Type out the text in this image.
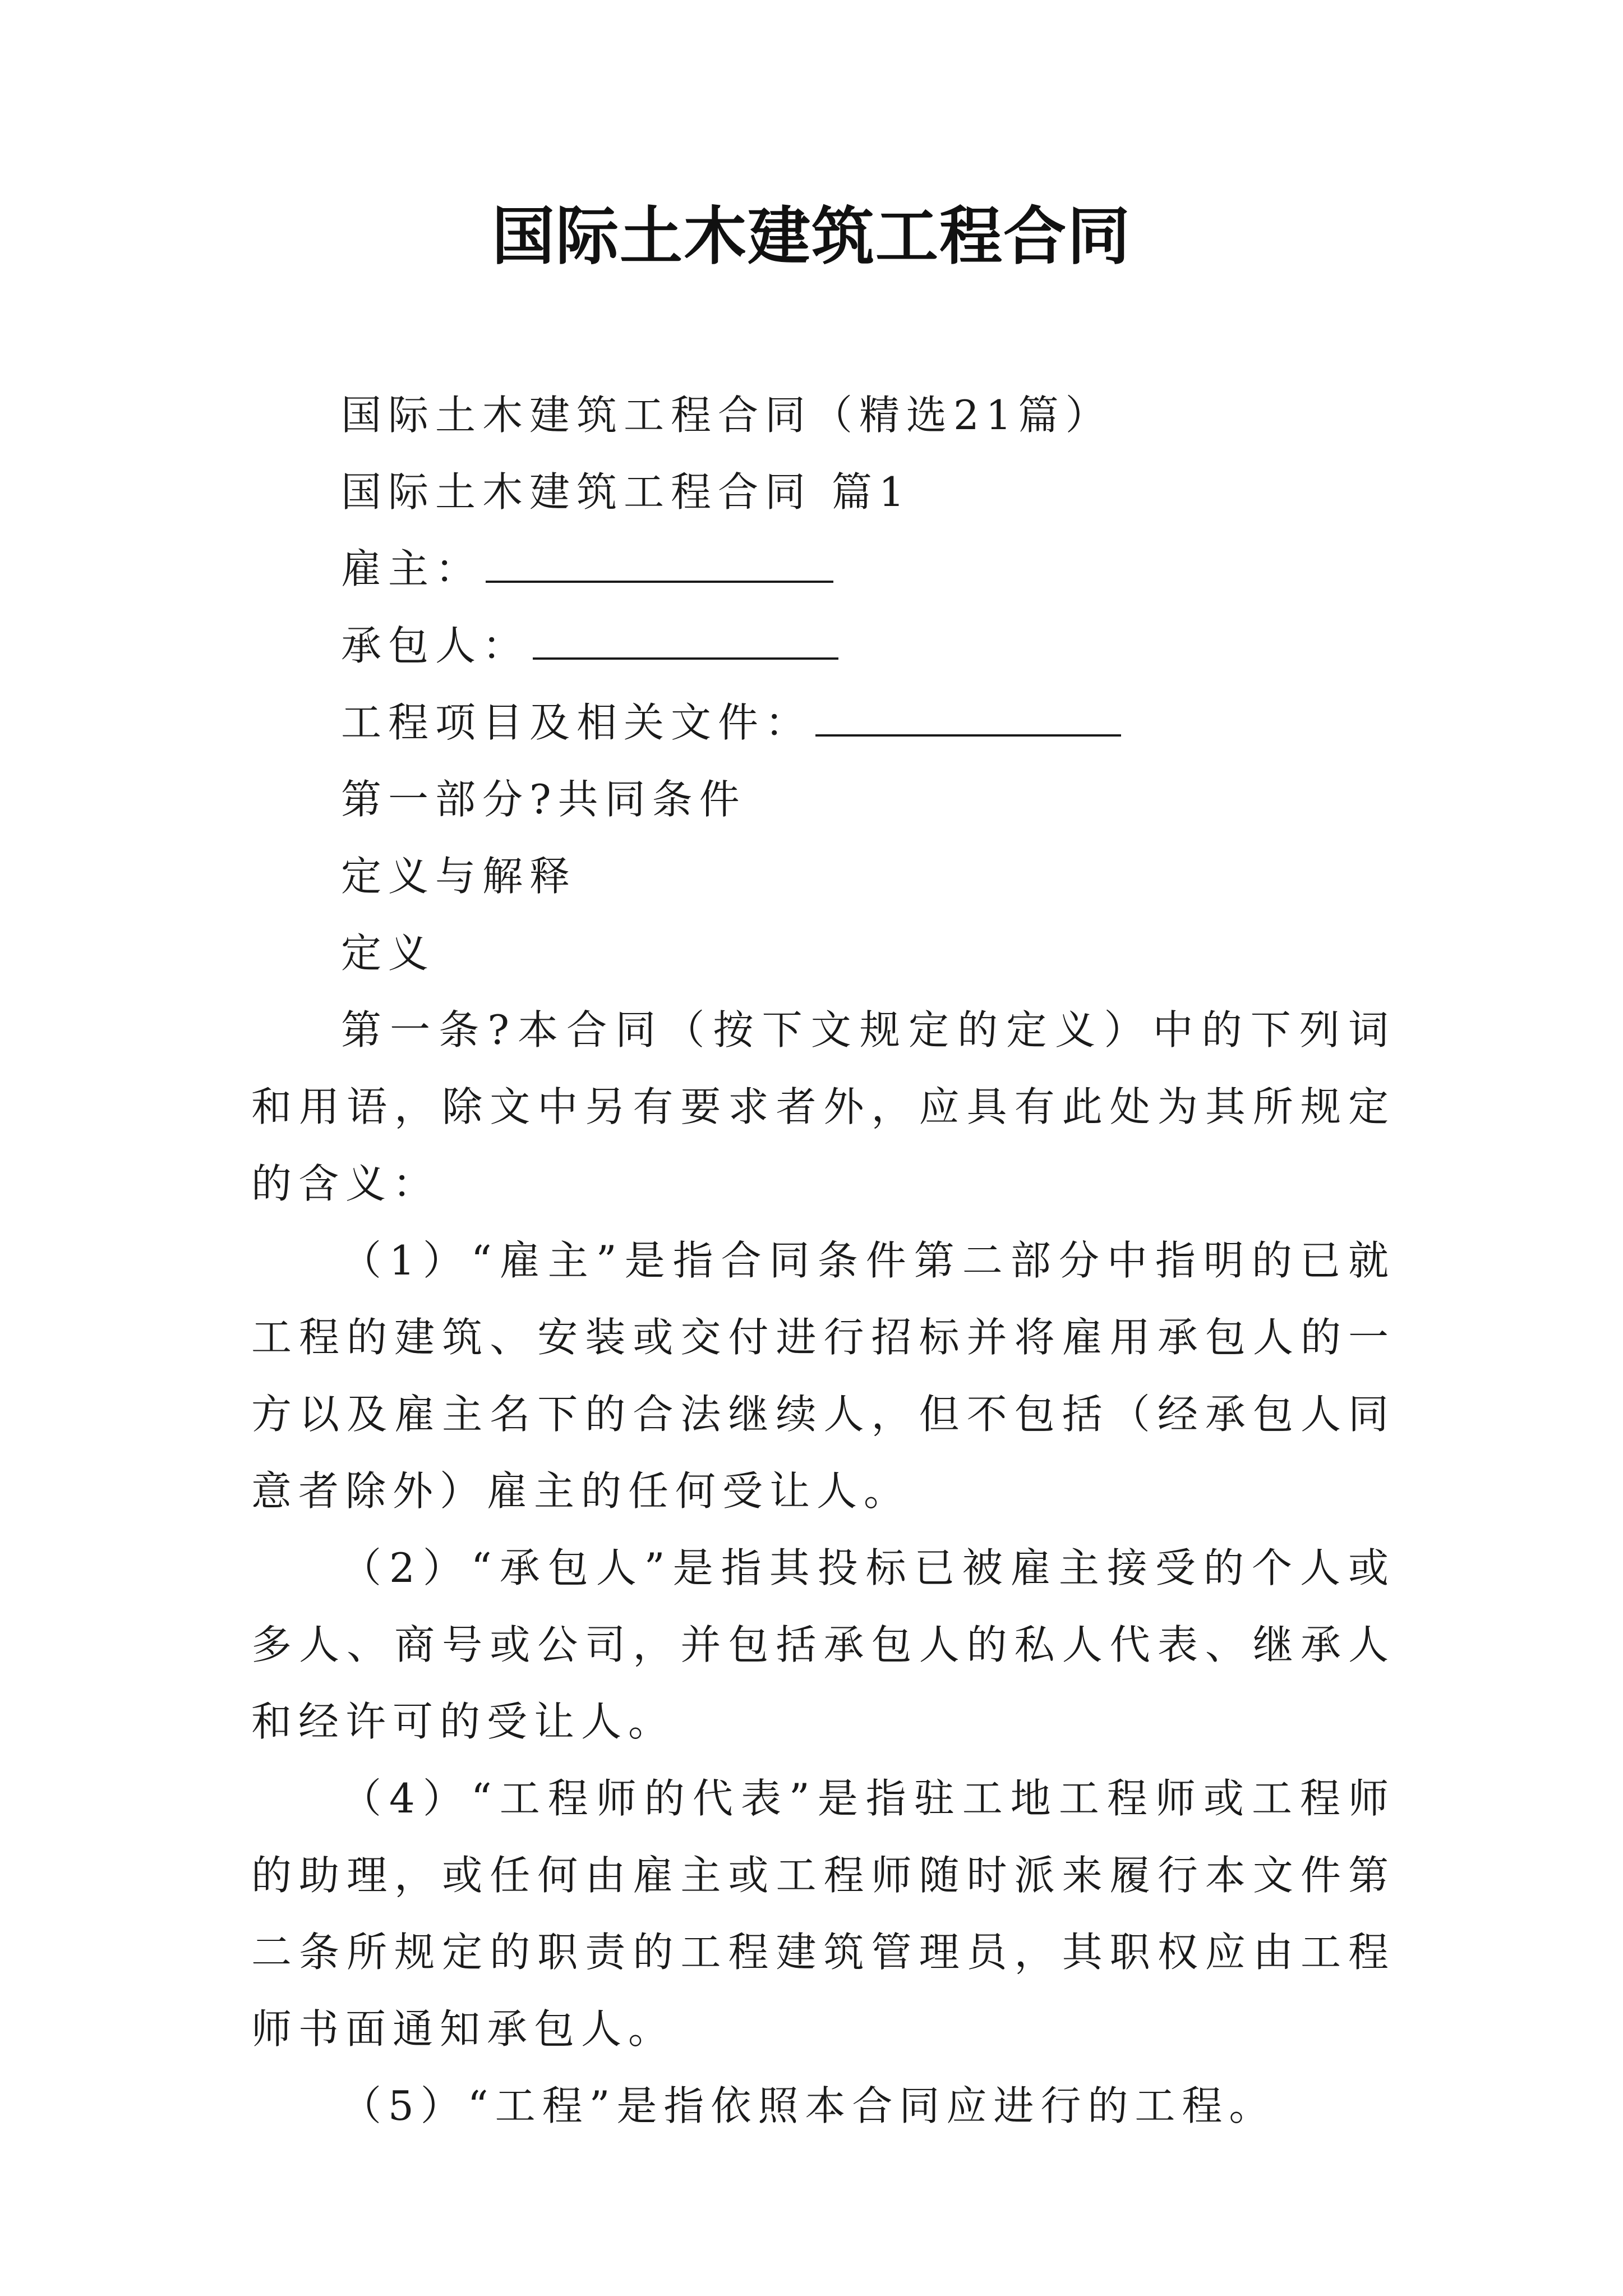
国际土木建筑工程合同
国际土木建筑工程合同（精选21篇）
国际土木建筑工程合同 篇1
雇主：
承包人：
工程项目及相关文件：
第一部分?共同条件
定义与解释
定义
第一条?本合同（按下文规定的定义）中的下列词和用语，除文中另有要求者外，应具有此处为其所规定的含义：
（1）“雇主”是指合同条件第二部分中指明的已就工程的建筑、安装或交付进行招标并将雇用承包人的一方以及雇主名下的合法继续人，但不包括（经承包人同意者除外）雇主的任何受让人。
（2）“承包人”是指其投标已被雇主接受的个人或多人、商号或公司，并包括承包人的私人代表、继承人和经许可的受让人。
（4）“工程师的代表”是指驻工地工程师或工程师的助理，或任何由雇主或工程师随时派来履行本文件第二条所规定的职责的工程建筑管理员，其职权应由工程师书面通知承包人。
（5）“工程”是指依照本合同应进行的工程。
